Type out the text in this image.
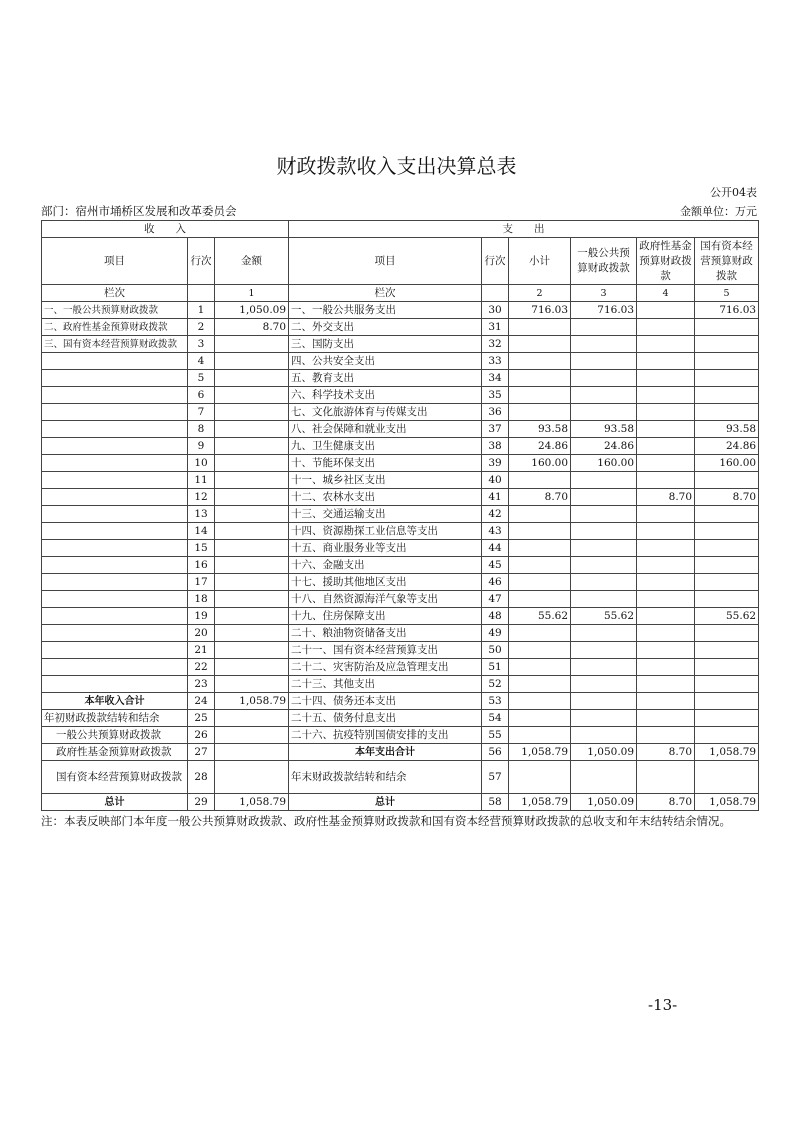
财政拨款收入支出决算总表
公开04表
部门：宿州市埇桥区发展和改革委员会	金额单位：万元
收　　入			支　　出					
项目	行次	金额	项目	行次	小计	一般公共预算财政拨款	政府性基金预算财政拨款	国有资本经营预算财政拨款
栏次		1	栏次		2	3	4	5
一、一般公共预算财政拨款	1	1,050.09	一、一般公共服务支出	30	716.03	716.03		716.03
二、政府性基金预算财政拨款	2	8.70	二、外交支出	31				
三、国有资本经营预算财政拨款	3		三、国防支出	32				
	4		四、公共安全支出	33				
	5		五、教育支出	34				
	6		六、科学技术支出	35				
	7		七、文化旅游体育与传媒支出	36				
	8		八、社会保障和就业支出	37	93.58	93.58		93.58
	9		九、卫生健康支出	38	24.86	24.86		24.86
	10		十、节能环保支出	39	160.00	160.00		160.00
	11		十一、城乡社区支出	40				
	12		十二、农林水支出	41	8.70		8.70	8.70
	13		十三、交通运输支出	42				
	14		十四、资源勘探工业信息等支出	43				
	15		十五、商业服务业等支出	44				
	16		十六、金融支出	45				
	17		十七、援助其他地区支出	46				
	18		十八、自然资源海洋气象等支出	47				
	19		十九、住房保障支出	48	55.62	55.62		55.62
	20		二十、粮油物资储备支出	49				
	21		二十一、国有资本经营预算支出	50				
	22		二十二、灾害防治及应急管理支出	51				
	23		二十三、其他支出	52				
本年收入合计	24	1,058.79	二十四、债务还本支出	53				
年初财政拨款结转和结余	25		二十五、债务付息支出	54				
一般公共预算财政拨款	26		二十六、抗疫特别国债安排的支出	55				
政府性基金预算财政拨款	27		本年支出合计	56	1,058.79	1,050.09	8.70	1,058.79
国有资本经营预算财政拨款	28		年末财政拨款结转和结余	57				
总计	29	1,058.79	总计	58	1,058.79	1,050.09	8.70	1,058.79
注：本表反映部门本年度一般公共预算财政拨款、政府性基金预算财政拨款和国有资本经营预算财政拨款的总收支和年末结转结余情况。
-13-
